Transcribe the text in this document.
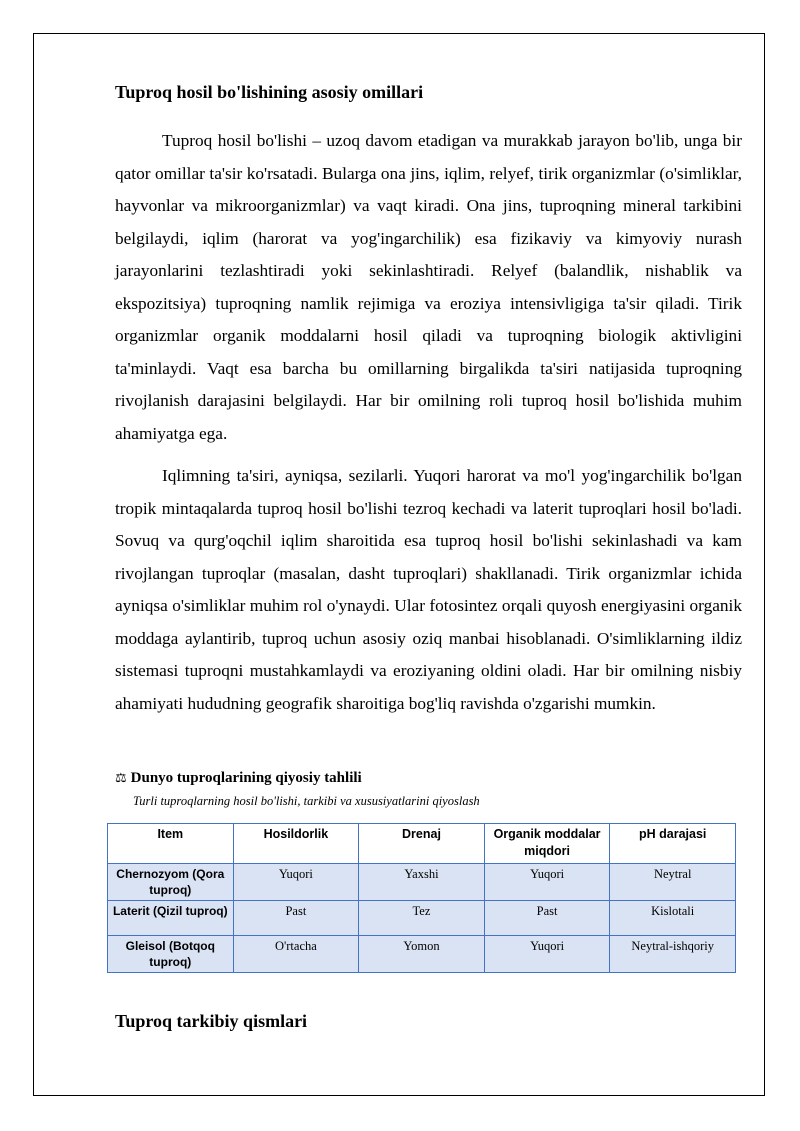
Tuproq hosil bo'lishining asosiy omillari

Tuproq hosil bo'lishi – uzoq davom etadigan va murakkab jarayon bo'lib, unga bir qator omillar ta'sir ko'rsatadi. Bularga ona jins, iqlim, relyef, tirik organizmlar (o'simliklar, hayvonlar va mikroorganizmlar) va vaqt kiradi. Ona jins, tuproqning mineral tarkibini belgilaydi, iqlim (harorat va yog'ingarchilik) esa fizikaviy va kimyoviy nurash jarayonlarini tezlashtiradi yoki sekinlashtiradi. Relyef (balandlik, nishablik va ekspozitsiya) tuproqning namlik rejimiga va eroziya intensivligiga ta'sir qiladi. Tirik organizmlar organik moddalarni hosil qiladi va tuproqning biologik aktivligini ta'minlaydi. Vaqt esa barcha bu omillarning birgalikda ta'siri natijasida tuproqning rivojlanish darajasini belgilaydi. Har bir omilning roli tuproq hosil bo'lishida muhim ahamiyatga ega.

Iqlimning ta'siri, ayniqsa, sezilarli. Yuqori harorat va mo'l yog'ingarchilik bo'lgan tropik mintaqalarda tuproq hosil bo'lishi tezroq kechadi va laterit tuproqlari hosil bo'ladi. Sovuq va qurg'oqchil iqlim sharoitida esa tuproq hosil bo'lishi sekinlashadi va kam rivojlangan tuproqlar (masalan, dasht tuproqlari) shakllanadi. Tirik organizmlar ichida ayniqsa o'simliklar muhim rol o'ynaydi. Ular fotosintez orqali quyosh energiyasini organik moddaga aylantirib, tuproq uchun asosiy oziq manbai hisoblanadi. O'simliklarning ildiz sistemasi tuproqni mustahkamlaydi va eroziyaning oldini oladi. Har bir omilning nisbiy ahamiyati hududning geografik sharoitiga bog'liq ravishda o'zgarishi mumkin.

⚖ Dunyo tuproqlarining qiyosiy tahlili
Turli tuproqlarning hosil bo'lishi, tarkibi va xususiyatlarini qiyoslash
Item	Hosildorlik	Drenaj	Organik moddalar miqdori	pH darajasi
Chernozyom (Qora tuproq)	Yuqori	Yaxshi	Yuqori	Neytral
Laterit (Qizil tuproq)	Past	Tez	Past	Kislotali
Gleisol (Botqoq tuproq)	O'rtacha	Yomon	Yuqori	Neytral-ishqoriy
Tuproq tarkibiy qismlari
